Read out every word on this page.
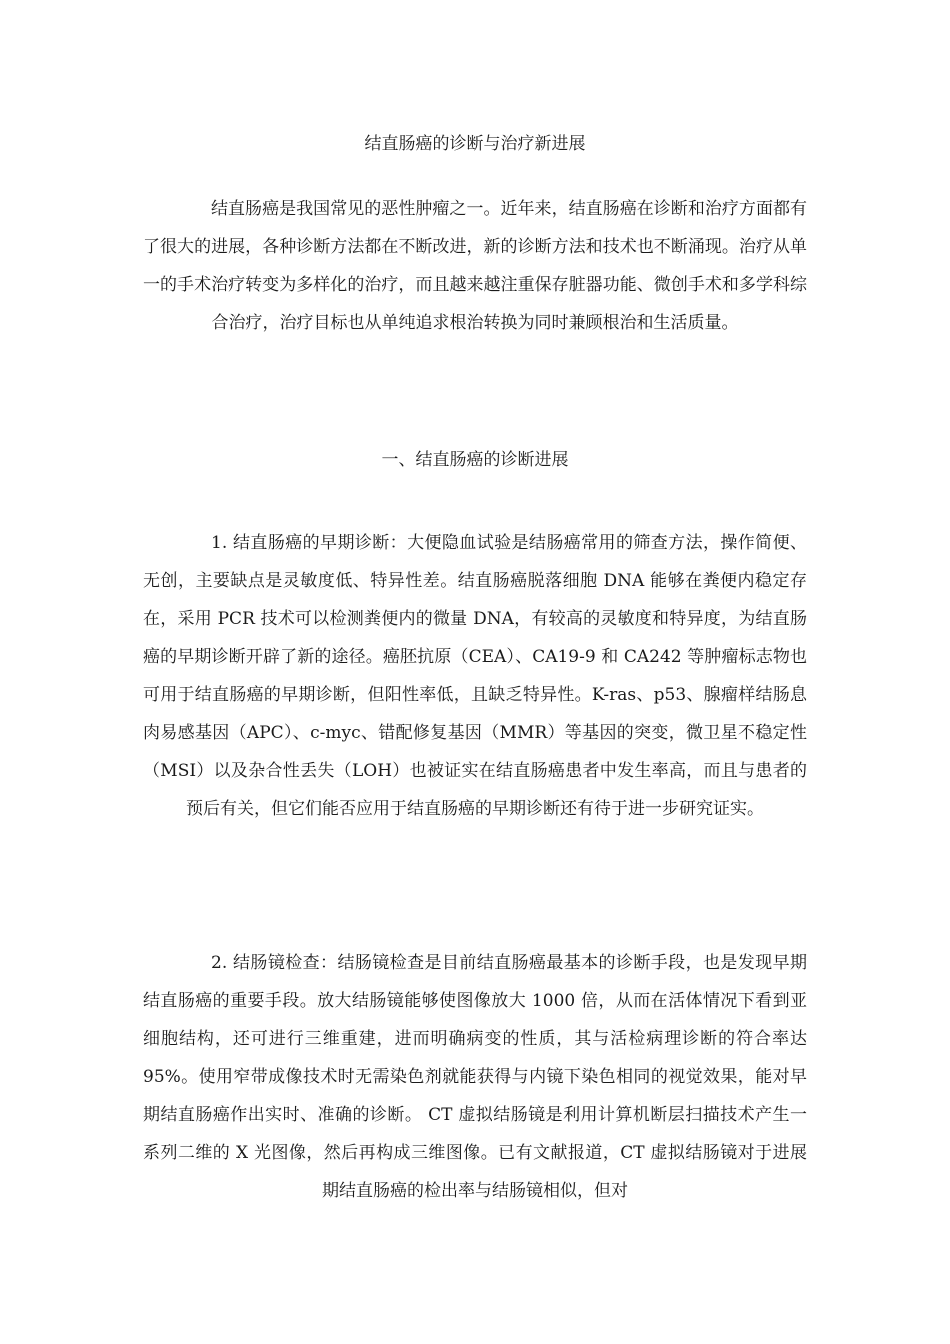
结直肠癌的诊断与治疗新进展

结直肠癌是我国常见的恶性肿瘤之一。近年来，结直肠癌在诊断和治疗方面都有了很大的进展，各种诊断方法都在不断改进，新的诊断方法和技术也不断涌现。治疗从单一的手术治疗转变为多样化的治疗，而且越来越注重保存脏器功能、微创手术和多学科综合治疗，治疗目标也从单纯追求根治转换为同时兼顾根治和生活质量。

一、结直肠癌的诊断进展

1. 结直肠癌的早期诊断：大便隐血试验是结肠癌常用的筛查方法，操作简便、无创，主要缺点是灵敏度低、特异性差。结直肠癌脱落细胞 DNA 能够在粪便内稳定存在，采用 PCR 技术可以检测粪便内的微量 DNA，有较高的灵敏度和特异度，为结直肠癌的早期诊断开辟了新的途径。癌胚抗原（CEA）、CA19-9 和 CA242 等肿瘤标志物也可用于结直肠癌的早期诊断，但阳性率低，且缺乏特异性。K-ras、p53、腺瘤样结肠息肉易感基因（APC）、c-myc、错配修复基因（MMR）等基因的突变，微卫星不稳定性（MSI）以及杂合性丢失（LOH）也被证实在结直肠癌患者中发生率高，而且与患者的预后有关，但它们能否应用于结直肠癌的早期诊断还有待于进一步研究证实。

2. 结肠镜检查：结肠镜检查是目前结直肠癌最基本的诊断手段，也是发现早期结直肠癌的重要手段。放大结肠镜能够使图像放大 1000 倍，从而在活体情况下看到亚细胞结构，还可进行三维重建，进而明确病变的性质，其与活检病理诊断的符合率达 95%。使用窄带成像技术时无需染色剂就能获得与内镜下染色相同的视觉效果，能对早期结直肠癌作出实时、准确的诊断。 CT 虚拟结肠镜是利用计算机断层扫描技术产生一系列二维的 X 光图像，然后再构成三维图像。已有文献报道，CT 虚拟结肠镜对于进展期结直肠癌的检出率与结肠镜相似，但对
